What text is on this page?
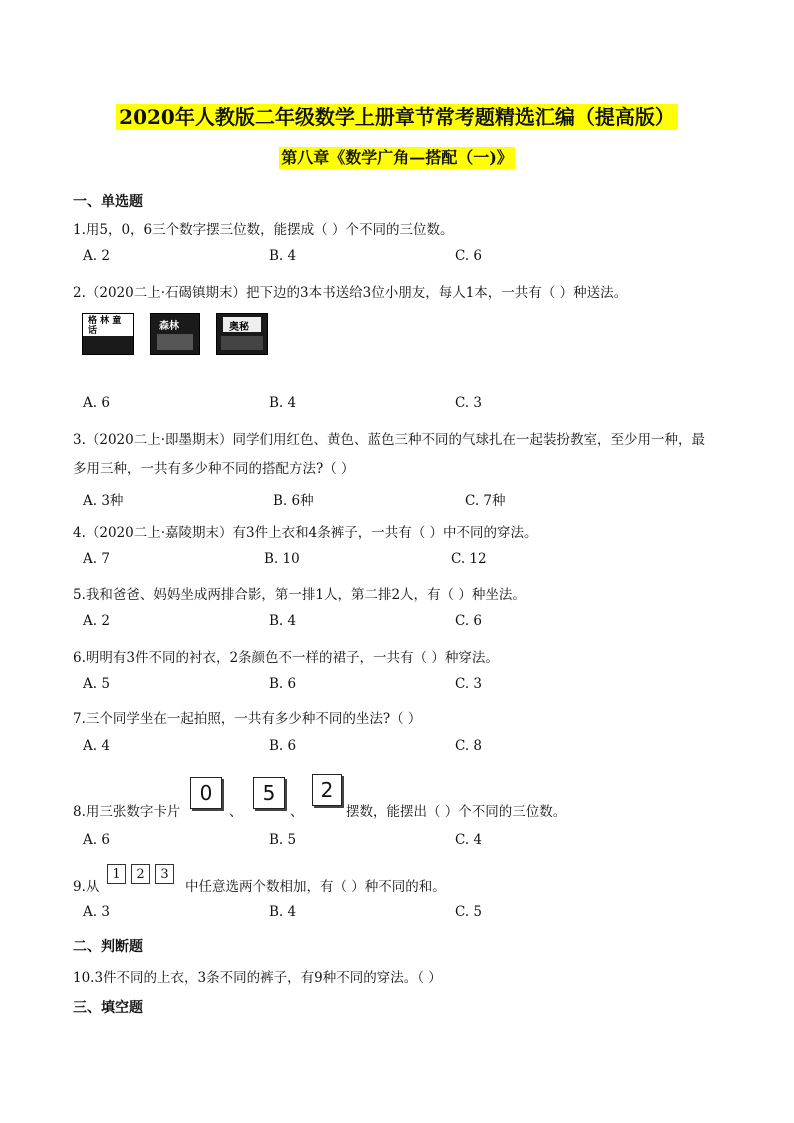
2020年人教版二年级数学上册章节常考题精选汇编（提高版）
第八章《数学广角—搭配（一)》
一、单选题
1.用5，0，6三个数字摆三位数，能摆成（ ）个不同的三位数。
A. 2	B. 4	C. 6
2.（2020二上·石碣镇期末）把下边的3本书送给3位小朋友，每人1本，一共有（ ）种送法。
格 林 童 话	森林	奥秘
A. 6	B. 4	C. 3
3.（2020二上·即墨期末）同学们用红色、黄色、蓝色三种不同的气球扎在一起装扮教室，至少用一种，最
多用三种，一共有多少种不同的搭配方法?（ ）
A. 3种	B. 6种	C. 7种
4.（2020二上·嘉陵期末）有3件上衣和4条裤子，一共有（ ）中不同的穿法。
A. 7	B. 10	C. 12
5.我和爸爸、妈妈坐成两排合影，第一排1人，第二排2人，有（ ）种坐法。
A. 2	B. 4	C. 6
6.明明有3件不同的衬衣，2条颜色不一样的裙子，一共有（ ）种穿法。
A. 5	B. 6	C. 3
7.三个同学坐在一起拍照，一共有多少种不同的坐法?（ ）
A. 4	B. 6	C. 8
8.用三张数字卡片
0
、
5
、
2
摆数，能摆出（ ）个不同的三位数。
A. 6	B. 5	C. 4
9.从
1 2 3
中任意选两个数相加，有（ ）种不同的和。
A. 3	B. 4	C. 5
二、判断题
10.3件不同的上衣，3条不同的裤子，有9种不同的穿法。（ ）
三、填空题
